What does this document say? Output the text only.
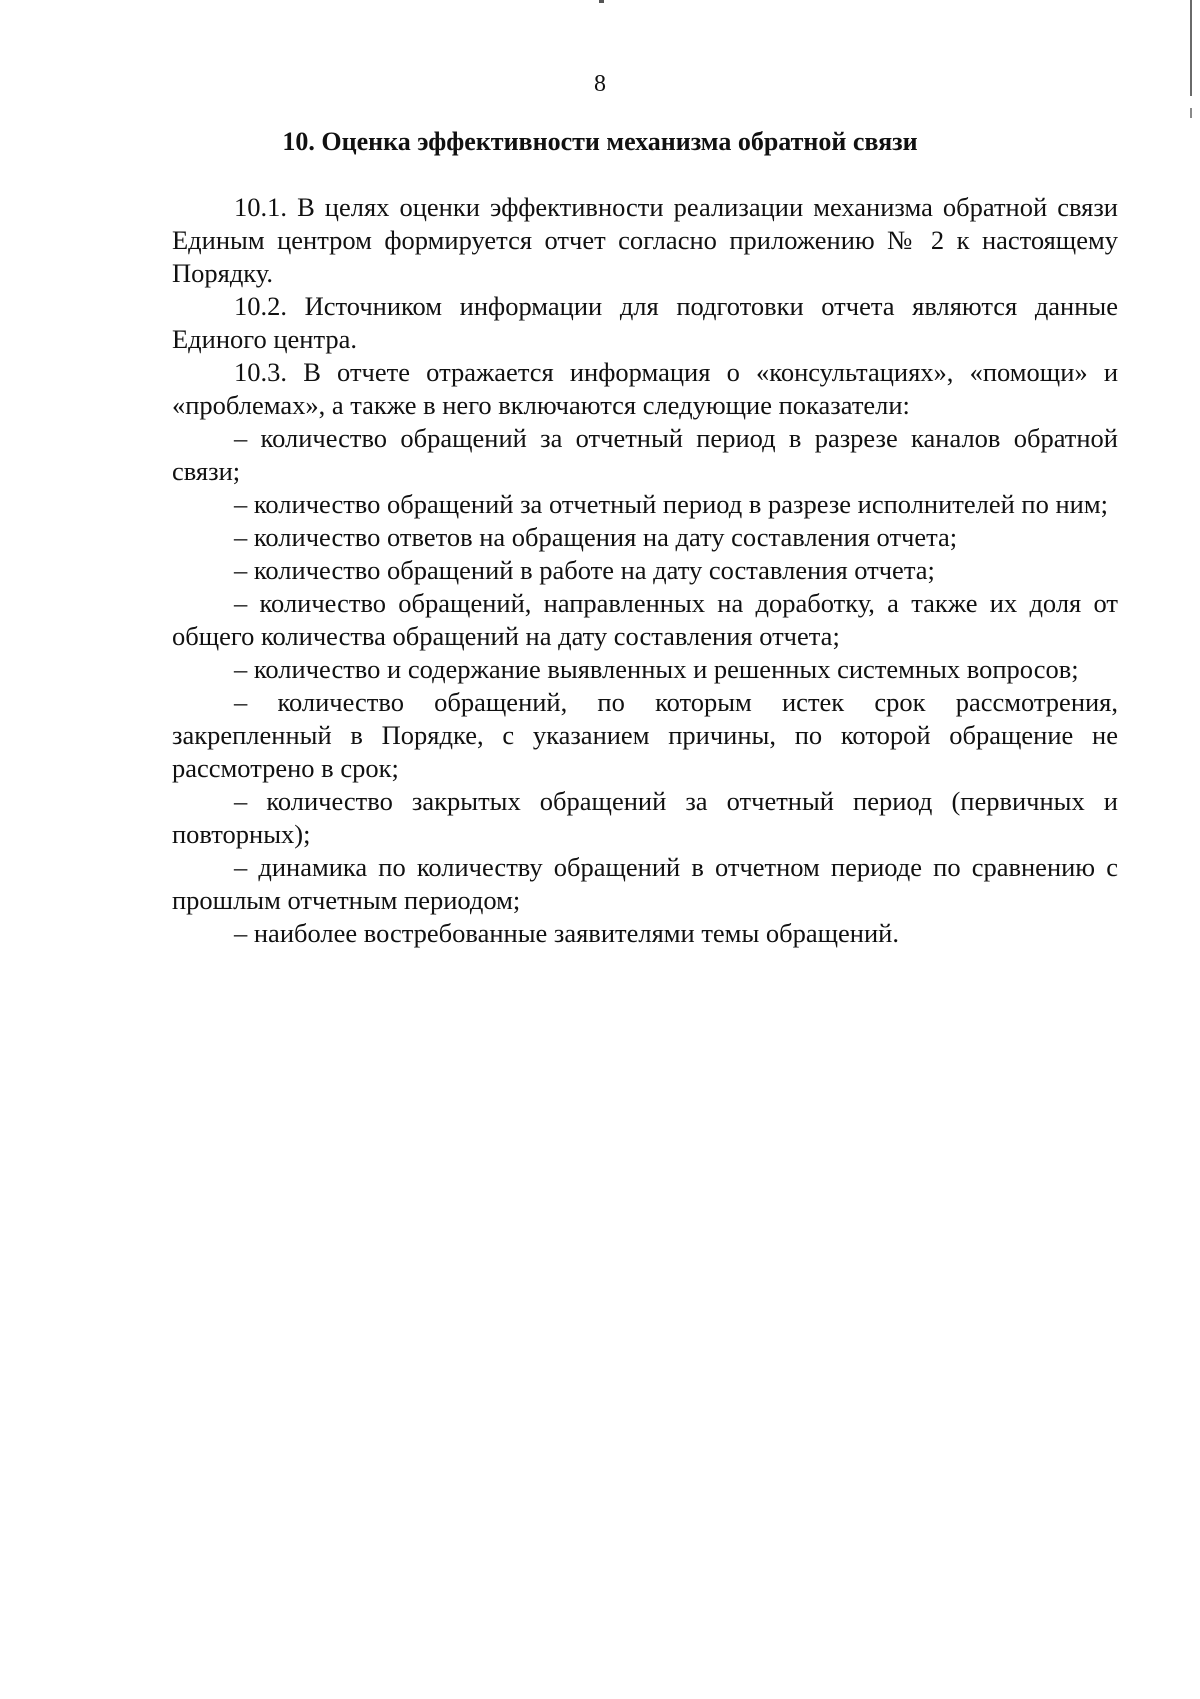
8
10. Оценка эффективности механизма обратной связи

10.1. В целях оценки эффективности реализации механизма обратной связи Единым центром формируется отчет согласно приложению № 2 к настоящему Порядку.

10.2. Источником информации для подготовки отчета являются данные Единого центра.

10.3. В отчете отражается информация о «консультациях», «помощи» и «проблемах», а также в него включаются следующие показатели:

– количество обращений за отчетный период в разрезе каналов обратной связи;

– количество обращений за отчетный период в разрезе исполнителей по ним;

– количество ответов на обращения на дату составления отчета;

– количество обращений в работе на дату составления отчета;

– количество обращений, направленных на доработку, а также их доля от общего количества обращений на дату составления отчета;

– количество и содержание выявленных и решенных системных вопросов;

– количество обращений, по которым истек срок рассмотрения, закрепленный в Порядке, с указанием причины, по которой обращение не рассмотрено в срок;

– количество закрытых обращений за отчетный период (первичных и повторных);

– динамика по количеству обращений в отчетном периоде по сравнению с прошлым отчетным периодом;

– наиболее востребованные заявителями темы обращений.
